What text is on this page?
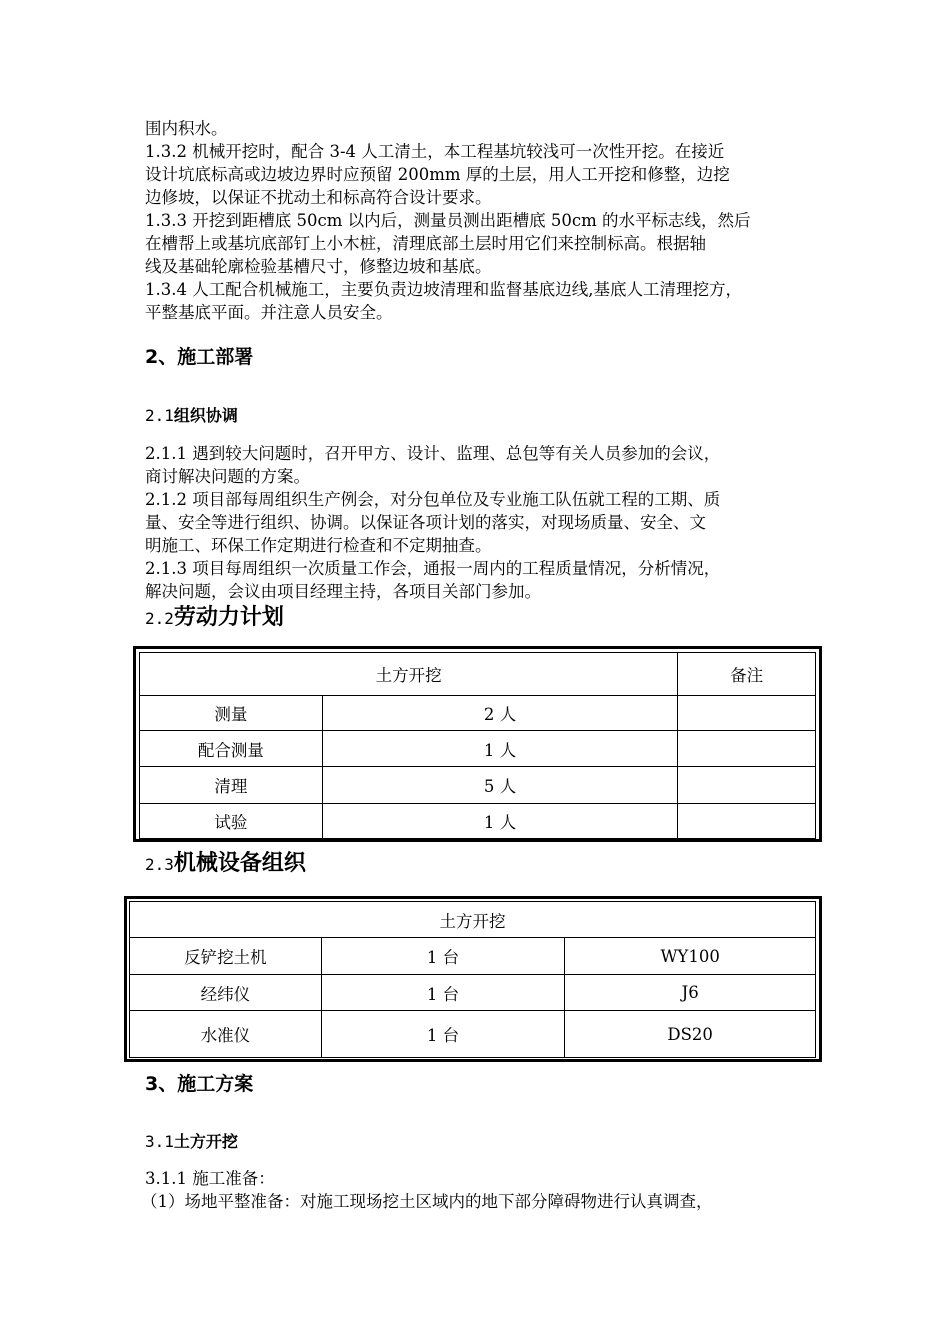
围内积水。

1.3.2 机械开挖时，配合 3-4 人工清土，本工程基坑较浅可一次性开挖。在接近

设计坑底标高或边坡边界时应预留 200mm 厚的土层，用人工开挖和修整，边挖

边修坡，以保证不扰动土和标高符合设计要求。

1.3.3 开挖到距槽底 50cm 以内后，测量员测出距槽底 50cm 的水平标志线，然后

在槽帮上或基坑底部钉上小木桩，清理底部土层时用它们来控制标高。根据轴

线及基础轮廓检验基槽尺寸，修整边坡和基底。

1.3.4 人工配合机械施工，主要负责边坡清理和监督基底边线,基底人工清理挖方，

平整基底平面。并注意人员安全。

2、施工部署

2.1组织协调

2.1.1 遇到较大问题时，召开甲方、设计、监理、总包等有关人员参加的会议，

商讨解决问题的方案。

2.1.2 项目部每周组织生产例会，对分包单位及专业施工队伍就工程的工期、质

量、安全等进行组织、协调。以保证各项计划的落实，对现场质量、安全、文

明施工、环保工作定期进行检查和不定期抽查。

2.1.3 项目每周组织一次质量工作会，通报一周内的工程质量情况，分析情况，

解决问题，会议由项目经理主持，各项目关部门参加。

2.2劳动力计划

土方开挖		备注
测量	2 人	
配合测量	1 人	
清理	5 人	
试验	1 人	

2.3机械设备组织

土方开挖		
反铲挖土机	1 台	WY100
经纬仪	1 台	J6
水准仪	1 台	DS20

3、施工方案

3.1土方开挖

3.1.1 施工准备：

（1）场地平整准备：对施工现场挖土区域内的地下部分障碍物进行认真调查，
